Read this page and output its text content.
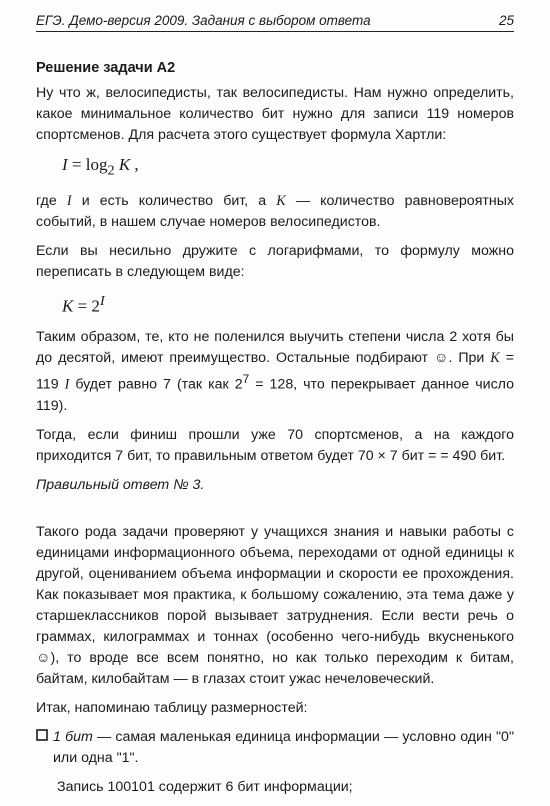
ЕГЭ. Демо-версия 2009. Задания с выбором ответа	25
Решение задачи А2

Ну что ж, велосипедисты, так велосипедисты. Нам нужно определить, какое минимальное количество бит нужно для записи 119 номеров спортсменов. Для расчета этого существует формула Хартли:

$I = \log_2 K$ ,

где I и есть количество бит, а K — количество равновероятных событий, в нашем случае номеров велосипедистов.

Если вы несильно дружите с логарифмами, то формулу можно переписать в следующем виде:

$K = 2^I$

Таким образом, те, кто не поленился выучить степени числа 2 хотя бы до десятой, имеют преимущество. Остальные подбирают ☺. При K = 119 I будет равно 7 (так как $2^7 = 128$, что перекрывает данное число 119).

Тогда, если финиш прошли уже 70 спортсменов, а на каждого приходится 7 бит, то правильным ответом будет 70 × 7 бит = = 490 бит.

Правильный ответ № 3.

Такого рода задачи проверяют у учащихся знания и навыки работы с единицами информационного объема, переходами от одной единицы к другой, оцениванием объема информации и скорости ее прохождения. Как показывает моя практика, к большому сожалению, эта тема даже у старшеклассников порой вызывает затруднения. Если вести речь о граммах, килограммах и тоннах (особенно чего-нибудь вкусненького ☺), то вроде все всем понятно, но как только переходим к битам, байтам, килобайтам — в глазах стоит ужас нечеловеческий.

Итак, напоминаю таблицу размерностей:

1 бит — самая маленькая единица информации — условно один "0" или одна "1".

Запись 100101 содержит 6 бит информации;
